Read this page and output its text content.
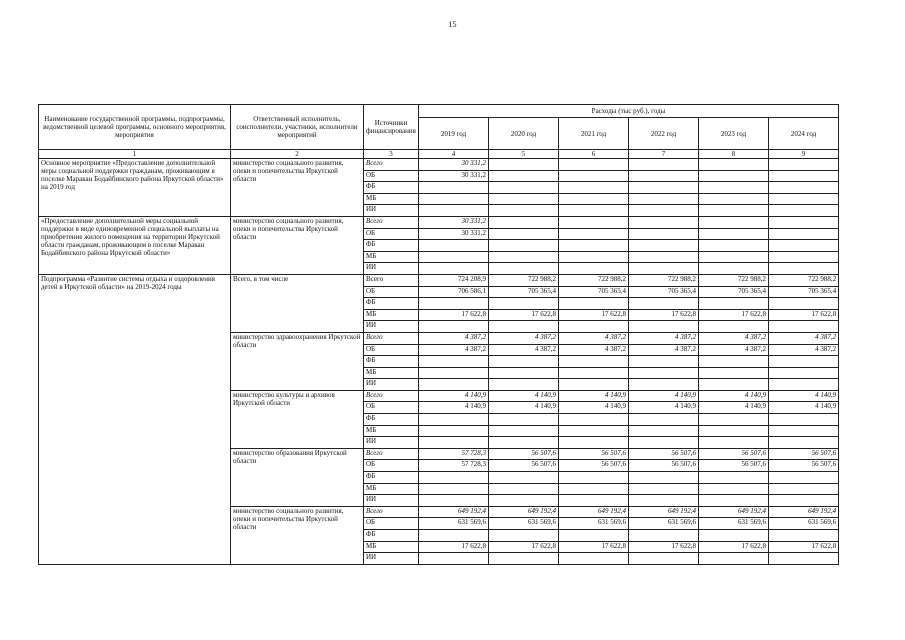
15
Наименование государственной программы, подпрограммы, ведомственной целевой программы, основного мероприятия, мероприятия	Ответственный исполнитель, соисполнители, участники, исполнители мероприятий	Источники финансирования	Расходы (тыс руб.), годы					
			2019 год	2020 год	2021 год	2022 год	2023 год	2024 год
1	2	3	4	5	6	7	8	9
Основное мероприятие «Предоставление дополнительной меры социальной поддержки гражданам, проживающим в поселке Маракан Бодайбинского района Иркутской области» на 2019 год	министерство социального развития, опеки и попечительства Иркутской области	Всего	30 331,2					
		ОБ	30 331,2					
		ФБ						
		МБ						
		ИИ						
«Предоставление дополнительной меры социальной поддержки в виде единовременной социальной выплаты на приобретение жилого помещения на территории Иркутской области гражданам, проживающим в поселке Маракан Бодайбинского района Иркутской области»	министерство социального развития, опеки и попечительства Иркутской области	Всего	30 331,2					
		ОБ	30 331,2					
		ФБ						
		МБ						
		ИИ						
Подпрограмма «Развитие системы отдыха и оздоровления детей в Иркутской области» на 2019-2024 годы	Всего, в том числе	Всего	724 208,9	722 988,2	722 988,2	722 988,2	722 988,2	722 988,2
		ОБ	706 586,1	705 365,4	705 365,4	705 365,4	705 365,4	705 365,4
		ФБ						
		МБ	17 622,8	17 622,8	17 622,8	17 622,8	17 622,8	17 622,8
		ИИ						
	министерство здравоохранения Иркутской области	Всего	4 387,2	4 387,2	4 387,2	4 387,2	4 387,2	4 387,2
		ОБ	4 387,2	4 387,2	4 387,2	4 387,2	4 387,2	4 387,2
		ФБ						
		МБ						
		ИИ						
	министерство культуры и архивов Иркутской области	Всего	4 140,9	4 140,9	4 140,9	4 140,9	4 140,9	4 140,9
		ОБ	4 140,9	4 140,9	4 140,9	4 140,9	4 140,9	4 140,9
		ФБ						
		МБ						
		ИИ						
	министерство образования Иркутской области	Всего	57 728,3	56 507,6	56 507,6	56 507,6	56 507,6	56 507,6
		ОБ	57 728,3	56 507,6	56 507,6	56 507,6	56 507,6	56 507,6
		ФБ						
		МБ						
		ИИ						
	министерство социального развития, опеки и попечительства Иркутской области	Всего	649 192,4	649 192,4	649 192,4	649 192,4	649 192,4	649 192,4
		ОБ	631 569,6	631 569,6	631 569,6	631 569,6	631 569,6	631 569,6
		ФБ						
		МБ	17 622,8	17 622,8	17 622,8	17 622,8	17 622,8	17 622,8
		ИИ						
